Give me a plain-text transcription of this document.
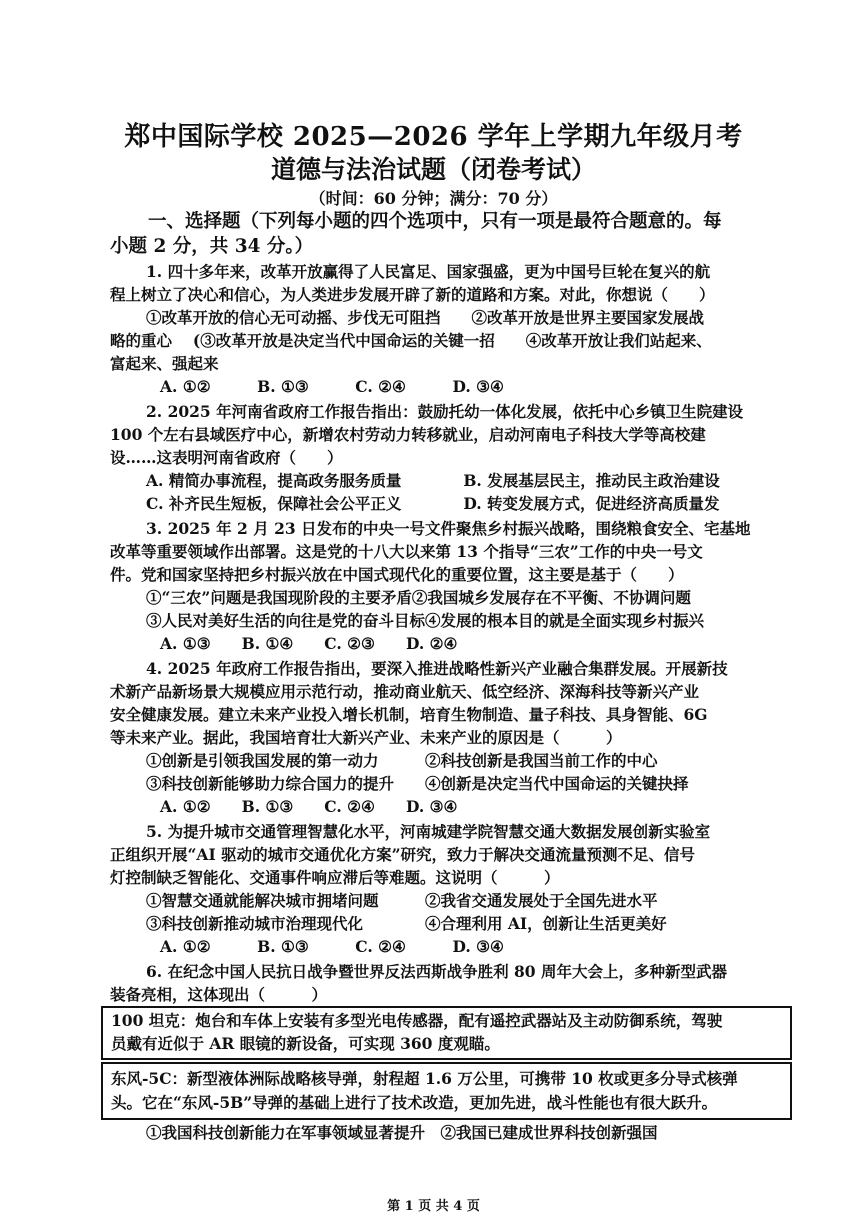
郑中国际学校 2025—2026 学年上学期九年级月考
道德与法治试题（闭卷考试）
（时间：60 分钟；满分：70 分）
一、选择题（下列每小题的四个选项中，只有一项是最符合题意的。每
小题 2 分，共 34 分。）
1. 四十多年来，改革开放赢得了人民富足、国家强盛，更为中国号巨轮在复兴的航
程上树立了决心和信心，为人类进步发展开辟了新的道路和方案。对此，你想说（　　）
①改革开放的信心无可动摇、步伐无可阻挡　　②改革开放是世界主要国家发展战
略的重心　 (③改革开放是决定当代中国命运的关键一招　　④改革开放让我们站起来、
富起来、强起来
A. ①②　　　B. ①③　　　C. ②④　　　D. ③④
2. 2025 年河南省政府工作报告指出：鼓励托幼一体化发展，依托中心乡镇卫生院建设
100 个左右县域医疗中心，新增农村劳动力转移就业，启动河南电子科技大学等高校建
设……这表明河南省政府（　　）
A. 精简办事流程，提高政务服务质量　　　　B. 发展基层民主，推动民主政治建设
C. 补齐民生短板，保障社会公平正义　　　　D. 转变发展方式，促进经济高质量发
3. 2025 年 2 月 23 日发布的中央一号文件聚焦乡村振兴战略，围绕粮食安全、宅基地
改革等重要领域作出部署。这是党的十八大以来第 13 个指导“三农”工作的中央一号文
件。党和国家坚持把乡村振兴放在中国式现代化的重要位置，这主要是基于（　　）
①“三农”问题是我国现阶段的主要矛盾②我国城乡发展存在不平衡、不协调问题
③人民对美好生活的向往是党的奋斗目标④发展的根本目的就是全面实现乡村振兴
A. ①③　　B. ①④　　C. ②③　　D. ②④
4. 2025 年政府工作报告指出，要深入推进战略性新兴产业融合集群发展。开展新技
术新产品新场景大规模应用示范行动，推动商业航天、低空经济、深海科技等新兴产业
安全健康发展。建立未来产业投入增长机制，培育生物制造、量子科技、具身智能、6G
等未来产业。据此，我国培育壮大新兴产业、未来产业的原因是（　　　）
①创新是引领我国发展的第一动力　　　②科技创新是我国当前工作的中心
③科技创新能够助力综合国力的提升　　④创新是决定当代中国命运的关键抉择
A. ①②　　B. ①③　　C. ②④　　D. ③④
5. 为提升城市交通管理智慧化水平，河南城建学院智慧交通大数据发展创新实验室
正组织开展“AI 驱动的城市交通优化方案”研究，致力于解决交通流量预测不足、信号
灯控制缺乏智能化、交通事件响应滞后等难题。这说明（　　　）
①智慧交通就能解决城市拥堵问题　　　②我省交通发展处于全国先进水平
③科技创新推动城市治理现代化　　　　④合理利用 AI，创新让生活更美好
A. ①②　　　B. ①③　　　C. ②④　　　D. ③④
6. 在纪念中国人民抗日战争暨世界反法西斯战争胜利 80 周年大会上，多种新型武器
装备亮相，这体现出（　　　）
100 坦克：炮台和车体上安装有多型光电传感器，配有遥控武器站及主动防御系统，驾驶
员戴有近似于 AR 眼镜的新设备，可实现 360 度观瞄。
东风-5C：新型液体洲际战略核导弹，射程超 1.6 万公里，可携带 10 枚或更多分导式核弹
头。它在“东风-5B”导弹的基础上进行了技术改造，更加先进，战斗性能也有很大跃升。
①我国科技创新能力在军事领域显著提升　②我国已建成世界科技创新强国
第 1 页 共 4 页
